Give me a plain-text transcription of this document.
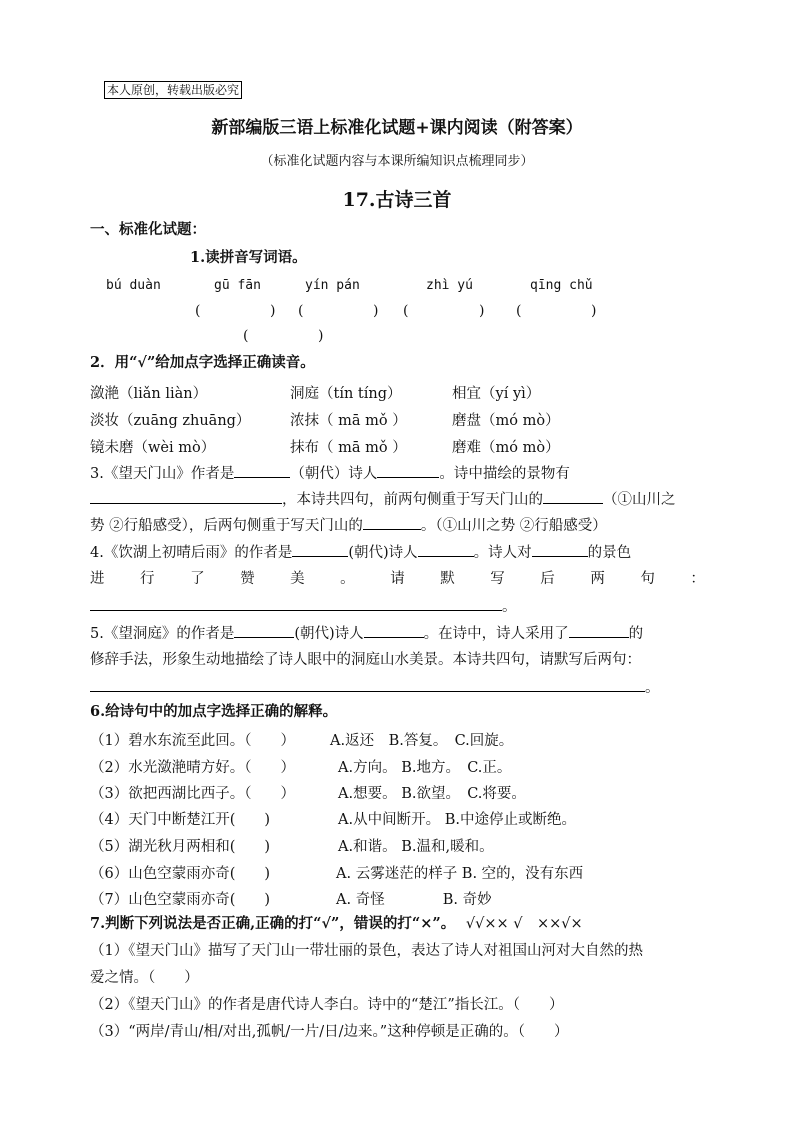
本人原创，转载出版必究
新部编版三语上标准化试题+课内阅读（附答案）
（标准化试题内容与本课所编知识点梳理同步）
17.古诗三首
一、标准化试题：
1.读拼音写词语。
bú duàn	gū fān	yín pán	zhì yú	qīng chǔ
(	) (	) (	) (	)
(	)
2．用“√”给加点字选择正确读音。
潋滟（liǎn liàn）	洞庭（tín tíng）	相宜（yí yì）
淡妆（zuāng zhuāng）	浓抹（ mā mǒ ）	磨盘（mó mò）
镜未磨（wèi mò）	抹布（ mā mǒ ）	磨难（mó mò）
3.《望天门山》作者是	（朝代）诗人	。诗中描绘的景物有
，本诗共四句，前两句侧重于写天门山的	（①山川之
势 ②行船感受），后两句侧重于写天门山的	。（①山川之势 ②行船感受）
4.《饮湖上初晴后雨》的作者是	(朝代)诗人	。诗人对	的景色
进 行 了 赞 美 。 请 默 写 后 两 句 ：
。
5.《望洞庭》的作者是	(朝代)诗人	。在诗中，诗人采用了	的
修辞手法，形象生动地描绘了诗人眼中的洞庭山水美景。本诗共四句，请默写后两句：
。
6.给诗句中的加点字选择正确的解释。
（1）碧水东流至此回。（　　） A.返还　B.答复。　C.回旋。
（2）水光潋滟晴方好。（　　）	A.方向。 B.地方。　C.正。
（3）欲把西湖比西子。（　　）	A.想要。 B.欲望。　C.将要。
（4）天门中断楚江开(　　)	A.从中间断开。 B.中途停止或断绝。
（5）湖光秋月两相和(　　)	A.和谐。 B.温和,暖和。
（6）山色空蒙雨亦奇(　　)	A. 云雾迷茫的样子 B. 空的，没有东西
（7）山色空蒙雨亦奇(　　)	A. 奇怪　　　　B. 奇妙
7.判断下列说法是否正确,正确的打“√”，错误的打“×”。 √√×× √　××√×
（1）《望天门山》描写了天门山一带壮丽的景色，表达了诗人对祖国山河对大自然的热
爱之情。（　　）
（2）《望天门山》的作者是唐代诗人李白。诗中的“楚江”指长江。（　　）
（3）“两岸/青山/相/对出,孤帆/一片/日/边来。”这种停顿是正确的。（　　）
